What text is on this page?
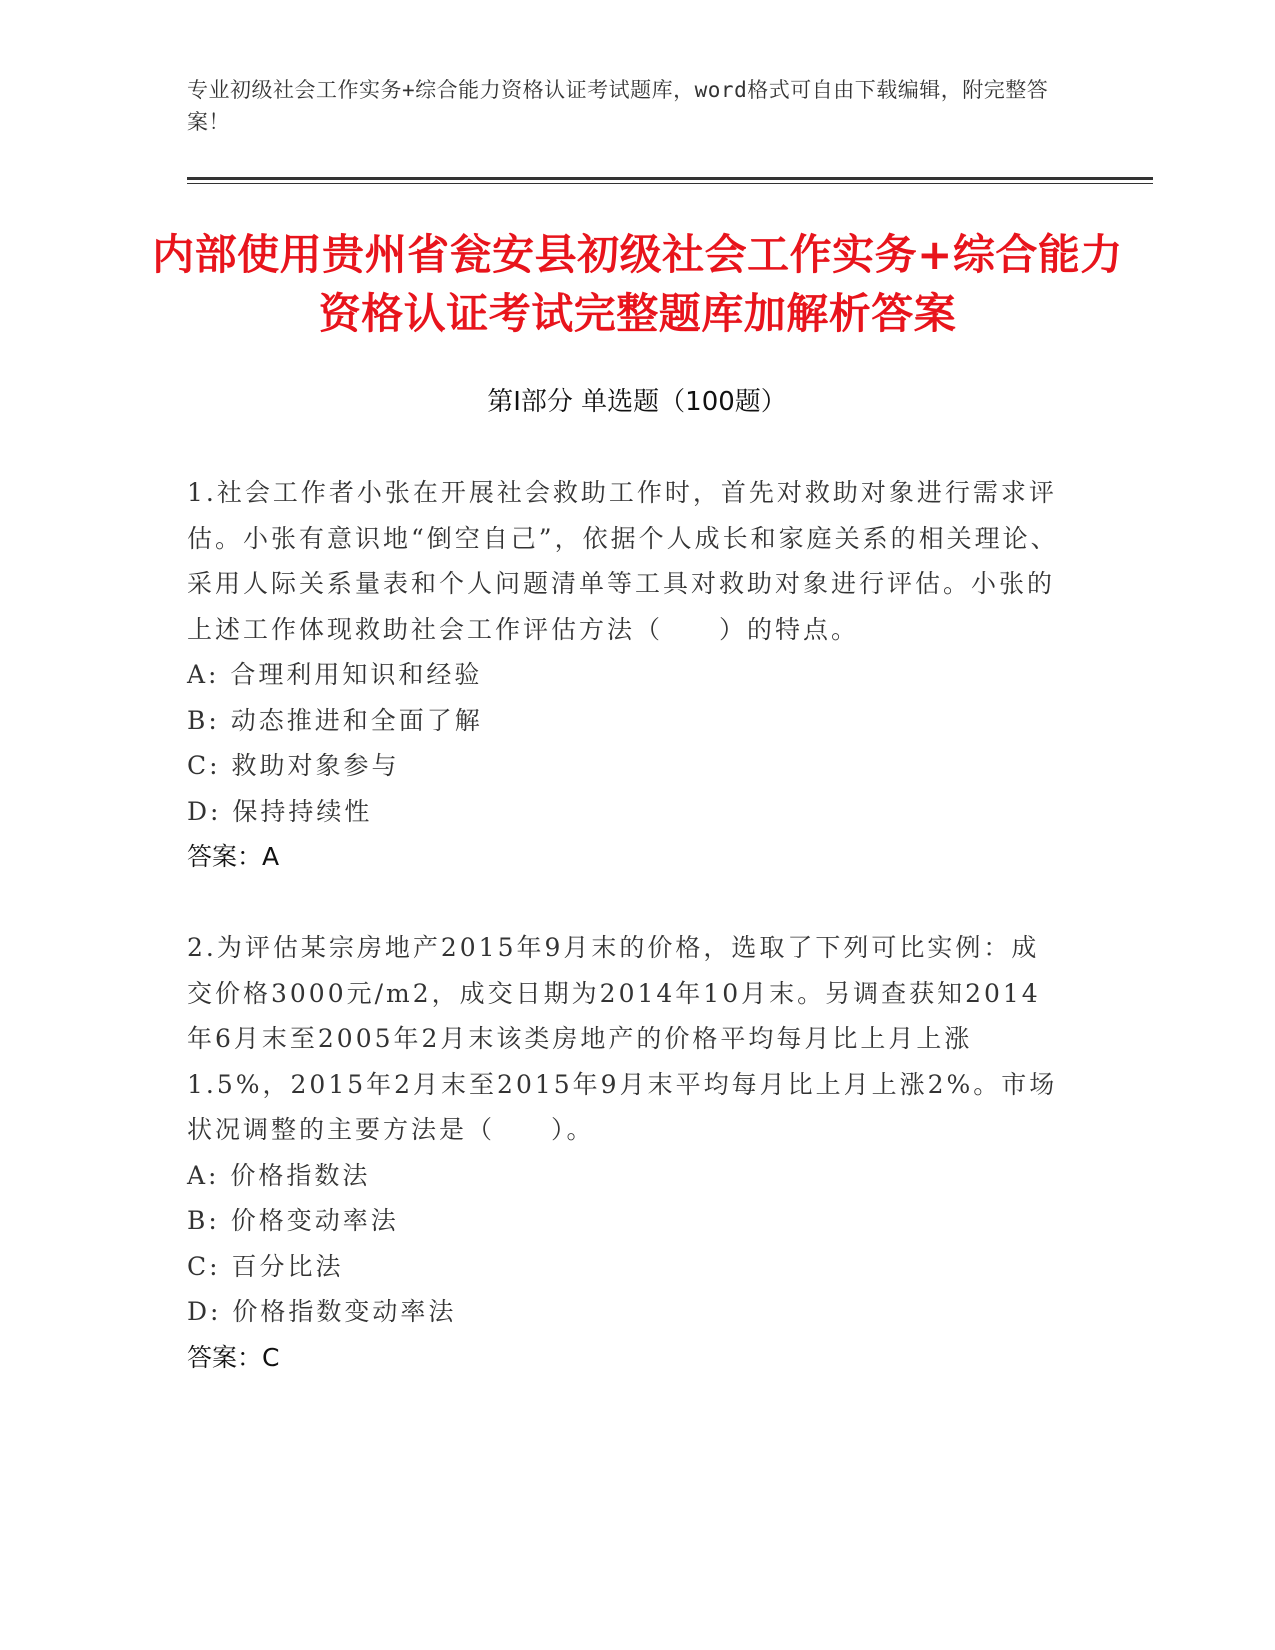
专业初级社会工作实务+综合能力资格认证考试题库，word格式可自由下载编辑，附完整答案！
内部使用贵州省瓮安县初级社会工作实务+综合能力资格认证考试完整题库加解析答案
第I部分 单选题（100题）

1.社会工作者小张在开展社会救助工作时，首先对救助对象进行需求评估。小张有意识地“倒空自己”，依据个人成长和家庭关系的相关理论、采用人际关系量表和个人问题清单等工具对救助对象进行评估。小张的上述工作体现救助社会工作评估方法（　　）的特点。

A: 合理利用知识和经验

B: 动态推进和全面了解

C: 救助对象参与

D: 保持持续性

答案：A

2.为评估某宗房地产2015年9月末的价格，选取了下列可比实例：成交价格3000元/m2，成交日期为2014年10月末。另调查获知2014年6月末至2005年2月末该类房地产的价格平均每月比上月上涨1.5%，2015年2月末至2015年9月末平均每月比上月上涨2%。市场状况调整的主要方法是（　　）。

A: 价格指数法

B: 价格变动率法

C: 百分比法

D: 价格指数变动率法

答案：C
